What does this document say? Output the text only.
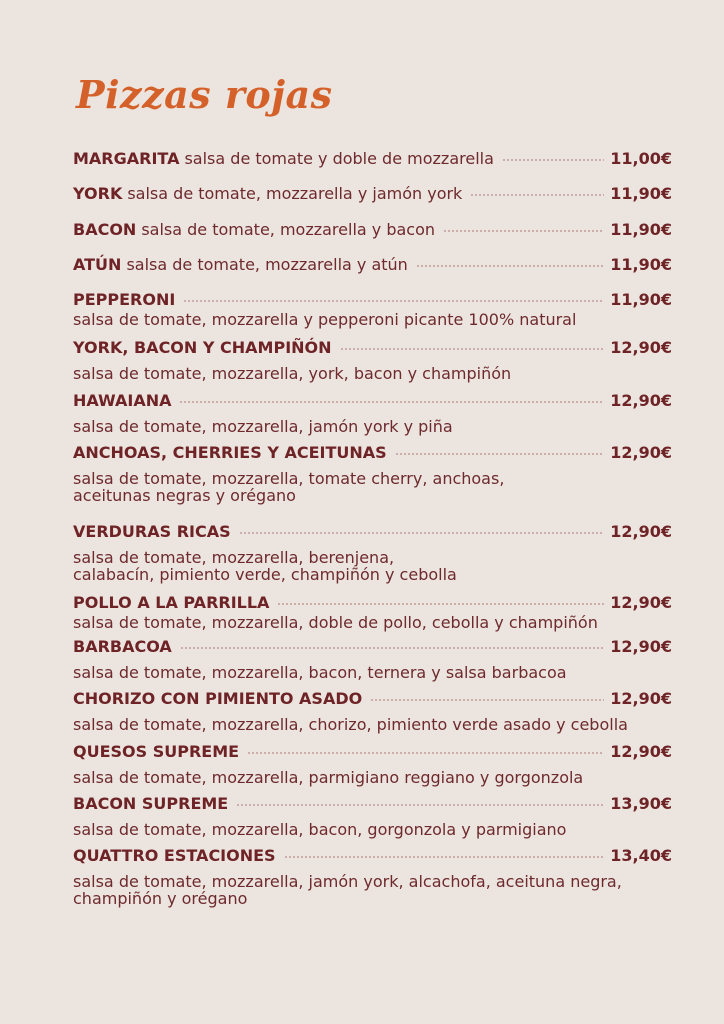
Pizzas rojas
MARGARITA salsa de tomate y doble de mozzarella	11,00€
YORK salsa de tomate, mozzarella y jamón york	11,90€
BACON salsa de tomate, mozzarella y bacon	11,90€
ATÚN salsa de tomate, mozzarella y atún	11,90€
PEPPERONI	11,90€
salsa de tomate, mozzarella y pepperoni picante 100% natural
YORK, BACON Y CHAMPIÑÓN	12,90€
salsa de tomate, mozzarella, york, bacon y champiñón
HAWAIANA	12,90€
salsa de tomate, mozzarella, jamón york y piña
ANCHOAS, CHERRIES Y ACEITUNAS	12,90€
salsa de tomate, mozzarella, tomate cherry, anchoas,
aceitunas negras y orégano
VERDURAS RICAS	12,90€
salsa de tomate, mozzarella, berenjena,
calabacín, pimiento verde, champiñón y cebolla
POLLO A LA PARRILLA	12,90€
salsa de tomate, mozzarella, doble de pollo, cebolla y champiñón
BARBACOA	12,90€
salsa de tomate, mozzarella, bacon, ternera y salsa barbacoa
CHORIZO CON PIMIENTO ASADO	12,90€
salsa de tomate, mozzarella, chorizo, pimiento verde asado y cebolla
QUESOS SUPREME	12,90€
salsa de tomate, mozzarella, parmigiano reggiano y gorgonzola
BACON SUPREME	13,90€
salsa de tomate, mozzarella, bacon, gorgonzola y parmigiano
QUATTRO ESTACIONES	13,40€
salsa de tomate, mozzarella, jamón york, alcachofa, aceituna negra,
champiñón y orégano
